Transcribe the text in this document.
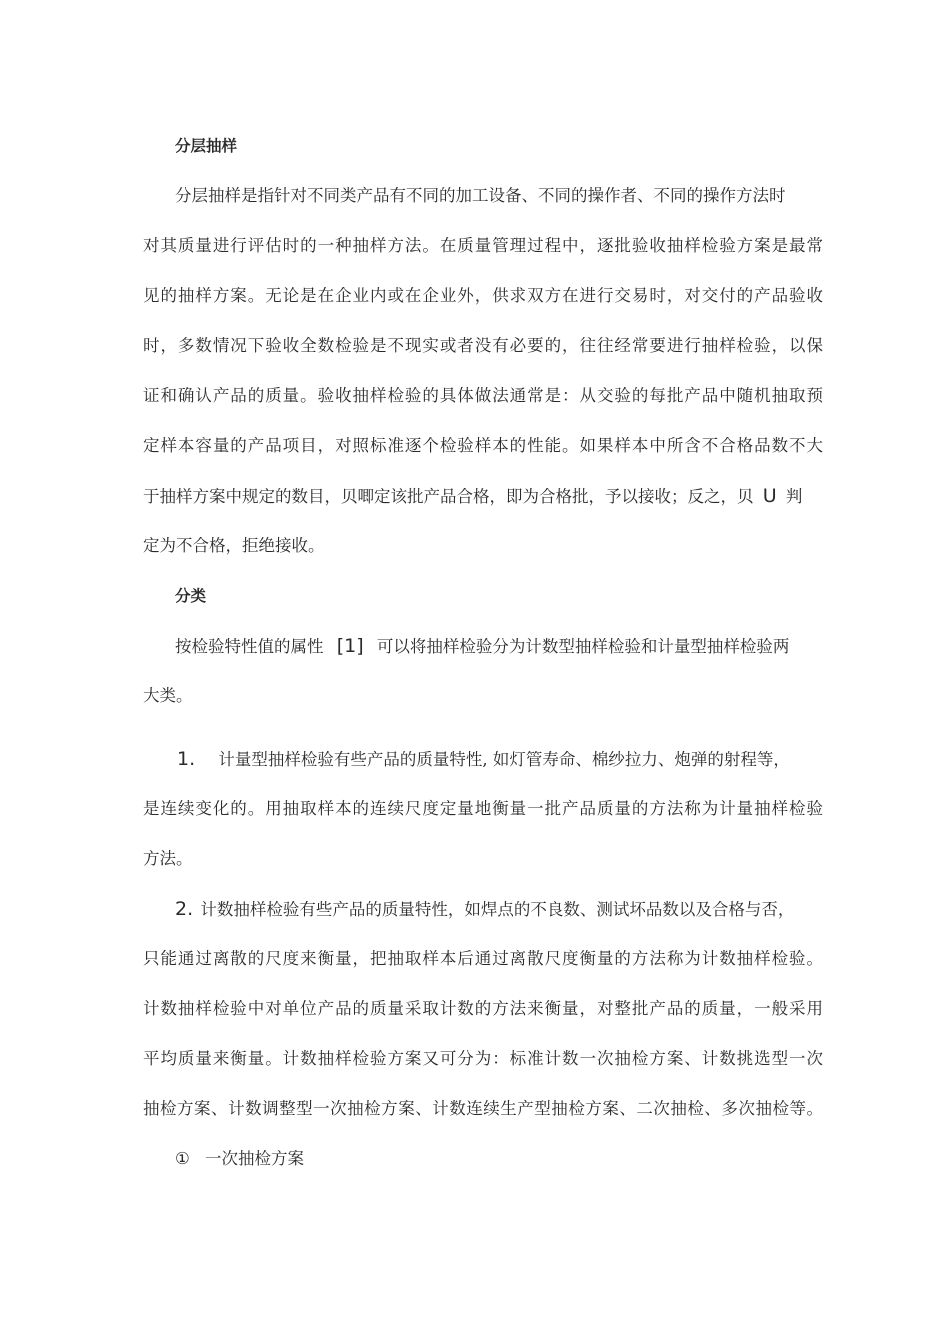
分层抽样
分层抽样是指针对不同类产品有不同的加工设备、不同的操作者、不同的操作方法时
对其质量进行评估时的一种抽样方法。在质量管理过程中，逐批验收抽样检验方案是最常
见的抽样方案。无论是在企业内或在企业外，供求双方在进行交易时，对交付的产品验收
时，多数情况下验收全数检验是不现实或者没有必要的，往往经常要进行抽样检验，以保
证和确认产品的质量。验收抽样检验的具体做法通常是：从交验的每批产品中随机抽取预
定样本容量的产品项目，对照标准逐个检验样本的性能。如果样本中所含不合格品数不大
于抽样方案中规定的数目，贝唧定该批产品合格，即为合格批，予以接收；反之，贝 U 判
定为不合格，拒绝接收。
分类
按检验特性值的属性 [1] 可以将抽样检验分为计数型抽样检验和计量型抽样检验两
大类。
1. 计量型抽样检验有些产品的质量特性, 如灯管寿命、棉纱拉力、炮弹的射程等，
是连续变化的。用抽取样本的连续尺度定量地衡量一批产品质量的方法称为计量抽样检验
方法。
2. 计数抽样检验有些产品的质量特性，如焊点的不良数、测试坏品数以及合格与否，
只能通过离散的尺度来衡量，把抽取样本后通过离散尺度衡量的方法称为计数抽样检验。
计数抽样检验中对单位产品的质量采取计数的方法来衡量，对整批产品的质量，一般采用
平均质量来衡量。计数抽样检验方案又可分为：标准计数一次抽检方案、计数挑选型一次
抽检方案、计数调整型一次抽检方案、计数连续生产型抽检方案、二次抽检、多次抽检等。
① 一次抽检方案
